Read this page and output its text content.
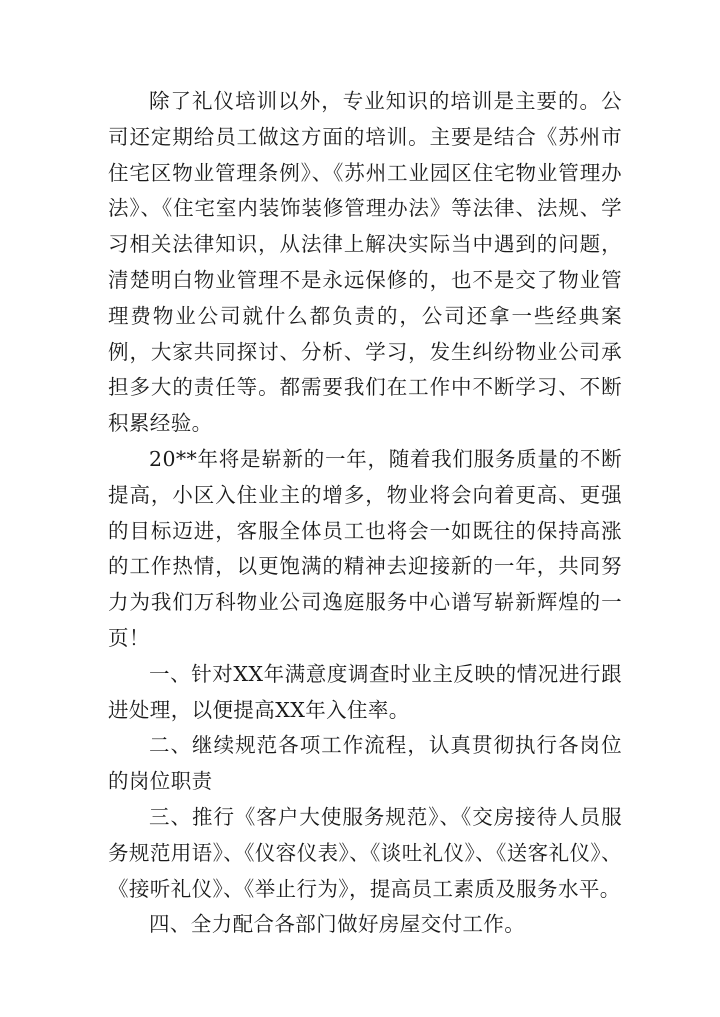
除了礼仪培训以外，专业知识的培训是主要的。公司还定期给员工做这方面的培训。主要是结合《苏州市住宅区物业管理条例》、《苏州工业园区住宅物业管理办法》、《住宅室内装饰装修管理办法》等法律、法规、学习相关法律知识，从法律上解决实际当中遇到的问题，清楚明白物业管理不是永远保修的，也不是交了物业管理费物业公司就什么都负责的，公司还拿一些经典案例，大家共同探讨、分析、学习，发生纠纷物业公司承担多大的责任等。都需要我们在工作中不断学习、不断积累经验。

20**年将是崭新的一年，随着我们服务质量的不断提高，小区入住业主的增多，物业将会向着更高、更强的目标迈进，客服全体员工也将会一如既往的保持高涨的工作热情，以更饱满的精神去迎接新的一年，共同努力为我们万科物业公司逸庭服务中心谱写崭新辉煌的一页！

一、针对XX年满意度调查时业主反映的情况进行跟进处理，以便提高XX年入住率。

二、继续规范各项工作流程，认真贯彻执行各岗位的岗位职责

三、推行《客户大使服务规范》、《交房接待人员服务规范用语》、《仪容仪表》、《谈吐礼仪》、《送客礼仪》、《接听礼仪》、《举止行为》，提高员工素质及服务水平。

四、全力配合各部门做好房屋交付工作。
